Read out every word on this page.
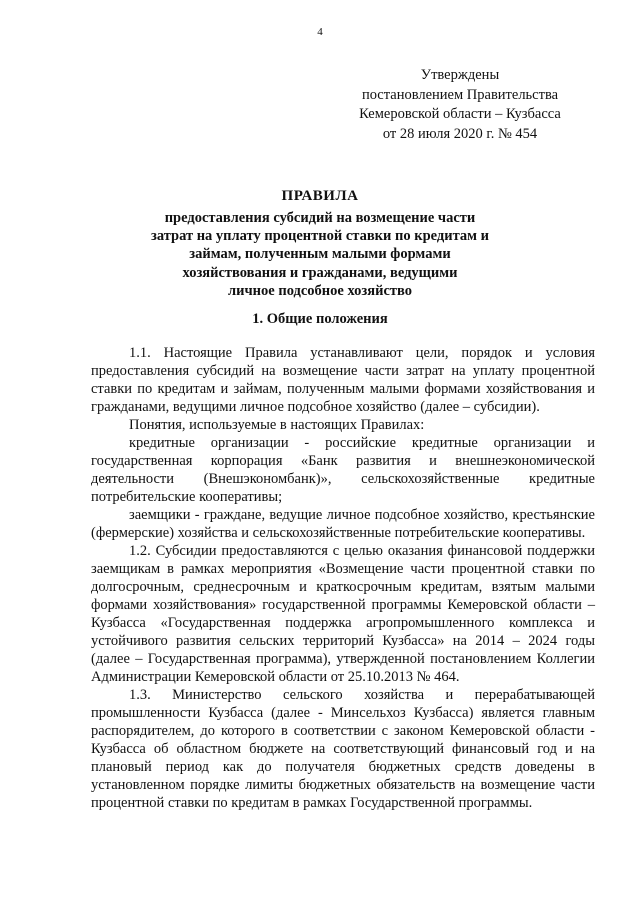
4
Утверждены
постановлением Правительства
Кемеровской области – Кузбасса
от 28 июля 2020 г. № 454
ПРАВИЛА
предоставления субсидий на возмещение части
затрат на уплату процентной ставки по кредитам и
займам, полученным малыми формами
хозяйствования и гражданами, ведущими
личное подсобное хозяйство
1. Общие положения

1.1. Настоящие Правила устанавливают цели, порядок и условия предоставления субсидий на возмещение части затрат на уплату процентной ставки по кредитам и займам, полученным малыми формами хозяйствования и гражданами, ведущими личное подсобное хозяйство (далее – субсидии).

Понятия, используемые в настоящих Правилах:

кредитные организации - российские кредитные организации и государственная корпорация «Банк развития и внешнеэкономической деятельности (Внешэкономбанк)», сельскохозяйственные кредитные потребительские кооперативы;

заемщики - граждане, ведущие личное подсобное хозяйство, крестьянские (фермерские) хозяйства и сельскохозяйственные потребительские кооперативы.

1.2. Субсидии предоставляются с целью оказания финансовой поддержки заемщикам в рамках мероприятия «Возмещение части процентной ставки по долгосрочным, среднесрочным и краткосрочным кредитам, взятым малыми формами хозяйствования» государственной программы Кемеровской области – Кузбасса «Государственная поддержка агропромышленного комплекса и устойчивого развития сельских территорий Кузбасса» на 2014 – 2024 годы (далее – Государственная программа), утвержденной постановлением Коллегии Администрации Кемеровской области от 25.10.2013 № 464.

1.3. Министерство сельского хозяйства и перерабатывающей промышленности Кузбасса (далее - Минсельхоз Кузбасса) является главным распорядителем, до которого в соответствии с законом Кемеровской области - Кузбасса об областном бюджете на соответствующий финансовый год и на плановый период как до получателя бюджетных средств доведены в установленном порядке лимиты бюджетных обязательств на возмещение части процентной ставки по кредитам в рамках Государственной программы.
